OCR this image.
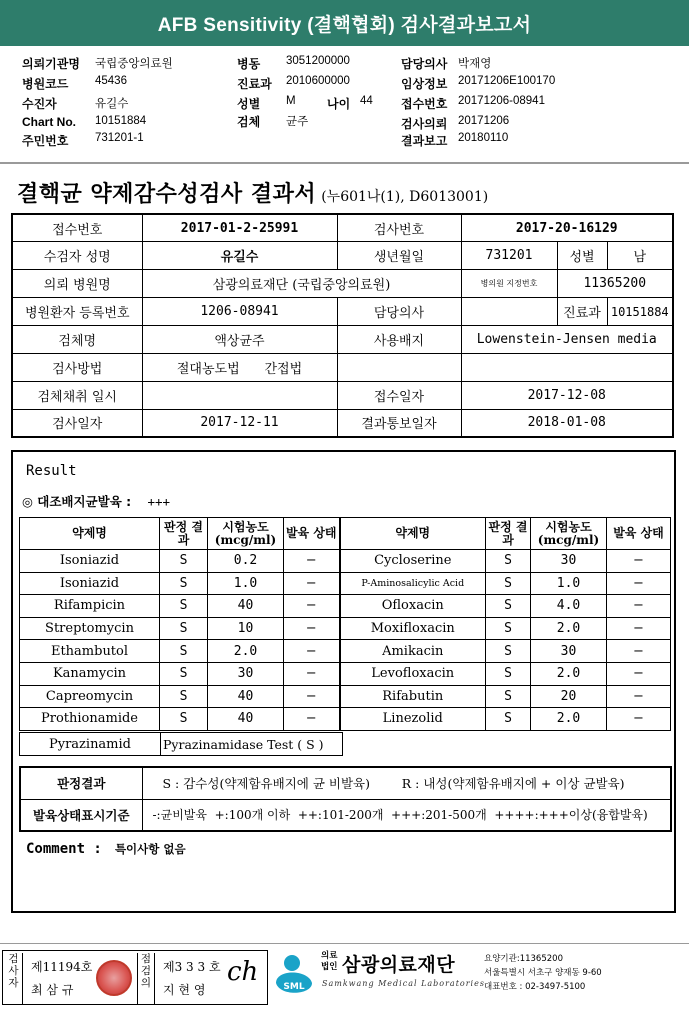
AFB Sensitivity (결핵협회) 검사결과보고서
의뢰기관명 국립중앙의료원
병원코드 45436
수진자	유길수
Chart No. 10151884
주민번호 731201-1
병동 3051200000
진료과 2010600000
성별 M	나이 44
검체 균주
담당의사 박재영
임상정보 20171206E100170
접수번호 20171206-08941
검사의뢰 20171206
결과보고 20180110
결핵균 약제감수성검사 결과서 (누601나(1), D6013001)
접수번호	2017-01-2-25991	검사번호	2017-20-16129		
수검자 성명	유길수	생년월일	731201	성별	남
의뢰 병원명	삼광의료재단 (국립중앙의료원)		병의원 지정번호	11365200	
병원환자 등록번호	1206-08941	담당의사		진료과	10151884
검체명	액상균주	사용배지	Lowenstein-Jensen media		
검사방법	절대농도법 간접법				
검체채취 일시		접수일자	2017-12-08		
검사일자	2017-12-11	결과통보일자	2018-01-08		
Result
◎ 대조배지균발육 : +++
약제명	판정 결과	시험농도 (mcg/ml)	발육 상태	약제명	판정 결과	시험농도 (mcg/ml)	발육 상태
Isoniazid	S	0.2	−	Cycloserine	S	30	−
Isoniazid	S	1.0	−	P-Aminosalicylic Acid	S	1.0	−
Rifampicin	S	40	−	Ofloxacin	S	4.0	−
Streptomycin	S	10	−	Moxifloxacin	S	2.0	−
Ethambutol	S	2.0	−	Amikacin	S	30	−
Kanamycin	S	30	−	Levofloxacin	S	2.0	−
Capreomycin	S	40	−	Rifabutin	S	20	−
Prothionamide	S	40	−	Linezolid	S	2.0	−
Pyrazinamid	Pyrazinamidase Test ( S )
판정결과	S : 감수성(약제함유배지에 균 비발육) R : 내성(약제함유배지에 + 이상 균발육)
발육상태표시기준	-:균비발육  +:100개 이하  ++:101-200개  +++:201-500개  ++++:+++이상(융합발육)
Comment : 특이사항 없음
검사자
제11194호
최 삼 규
점검의
제3 3 3 호
지 현 영
ch	SML
의료
법인 삼광의료재단
Samkwang Medical Laboratories
요양기관:11365200
서울특별시 서초구 양재동 9-60
대표번호 : 02-3497-5100
